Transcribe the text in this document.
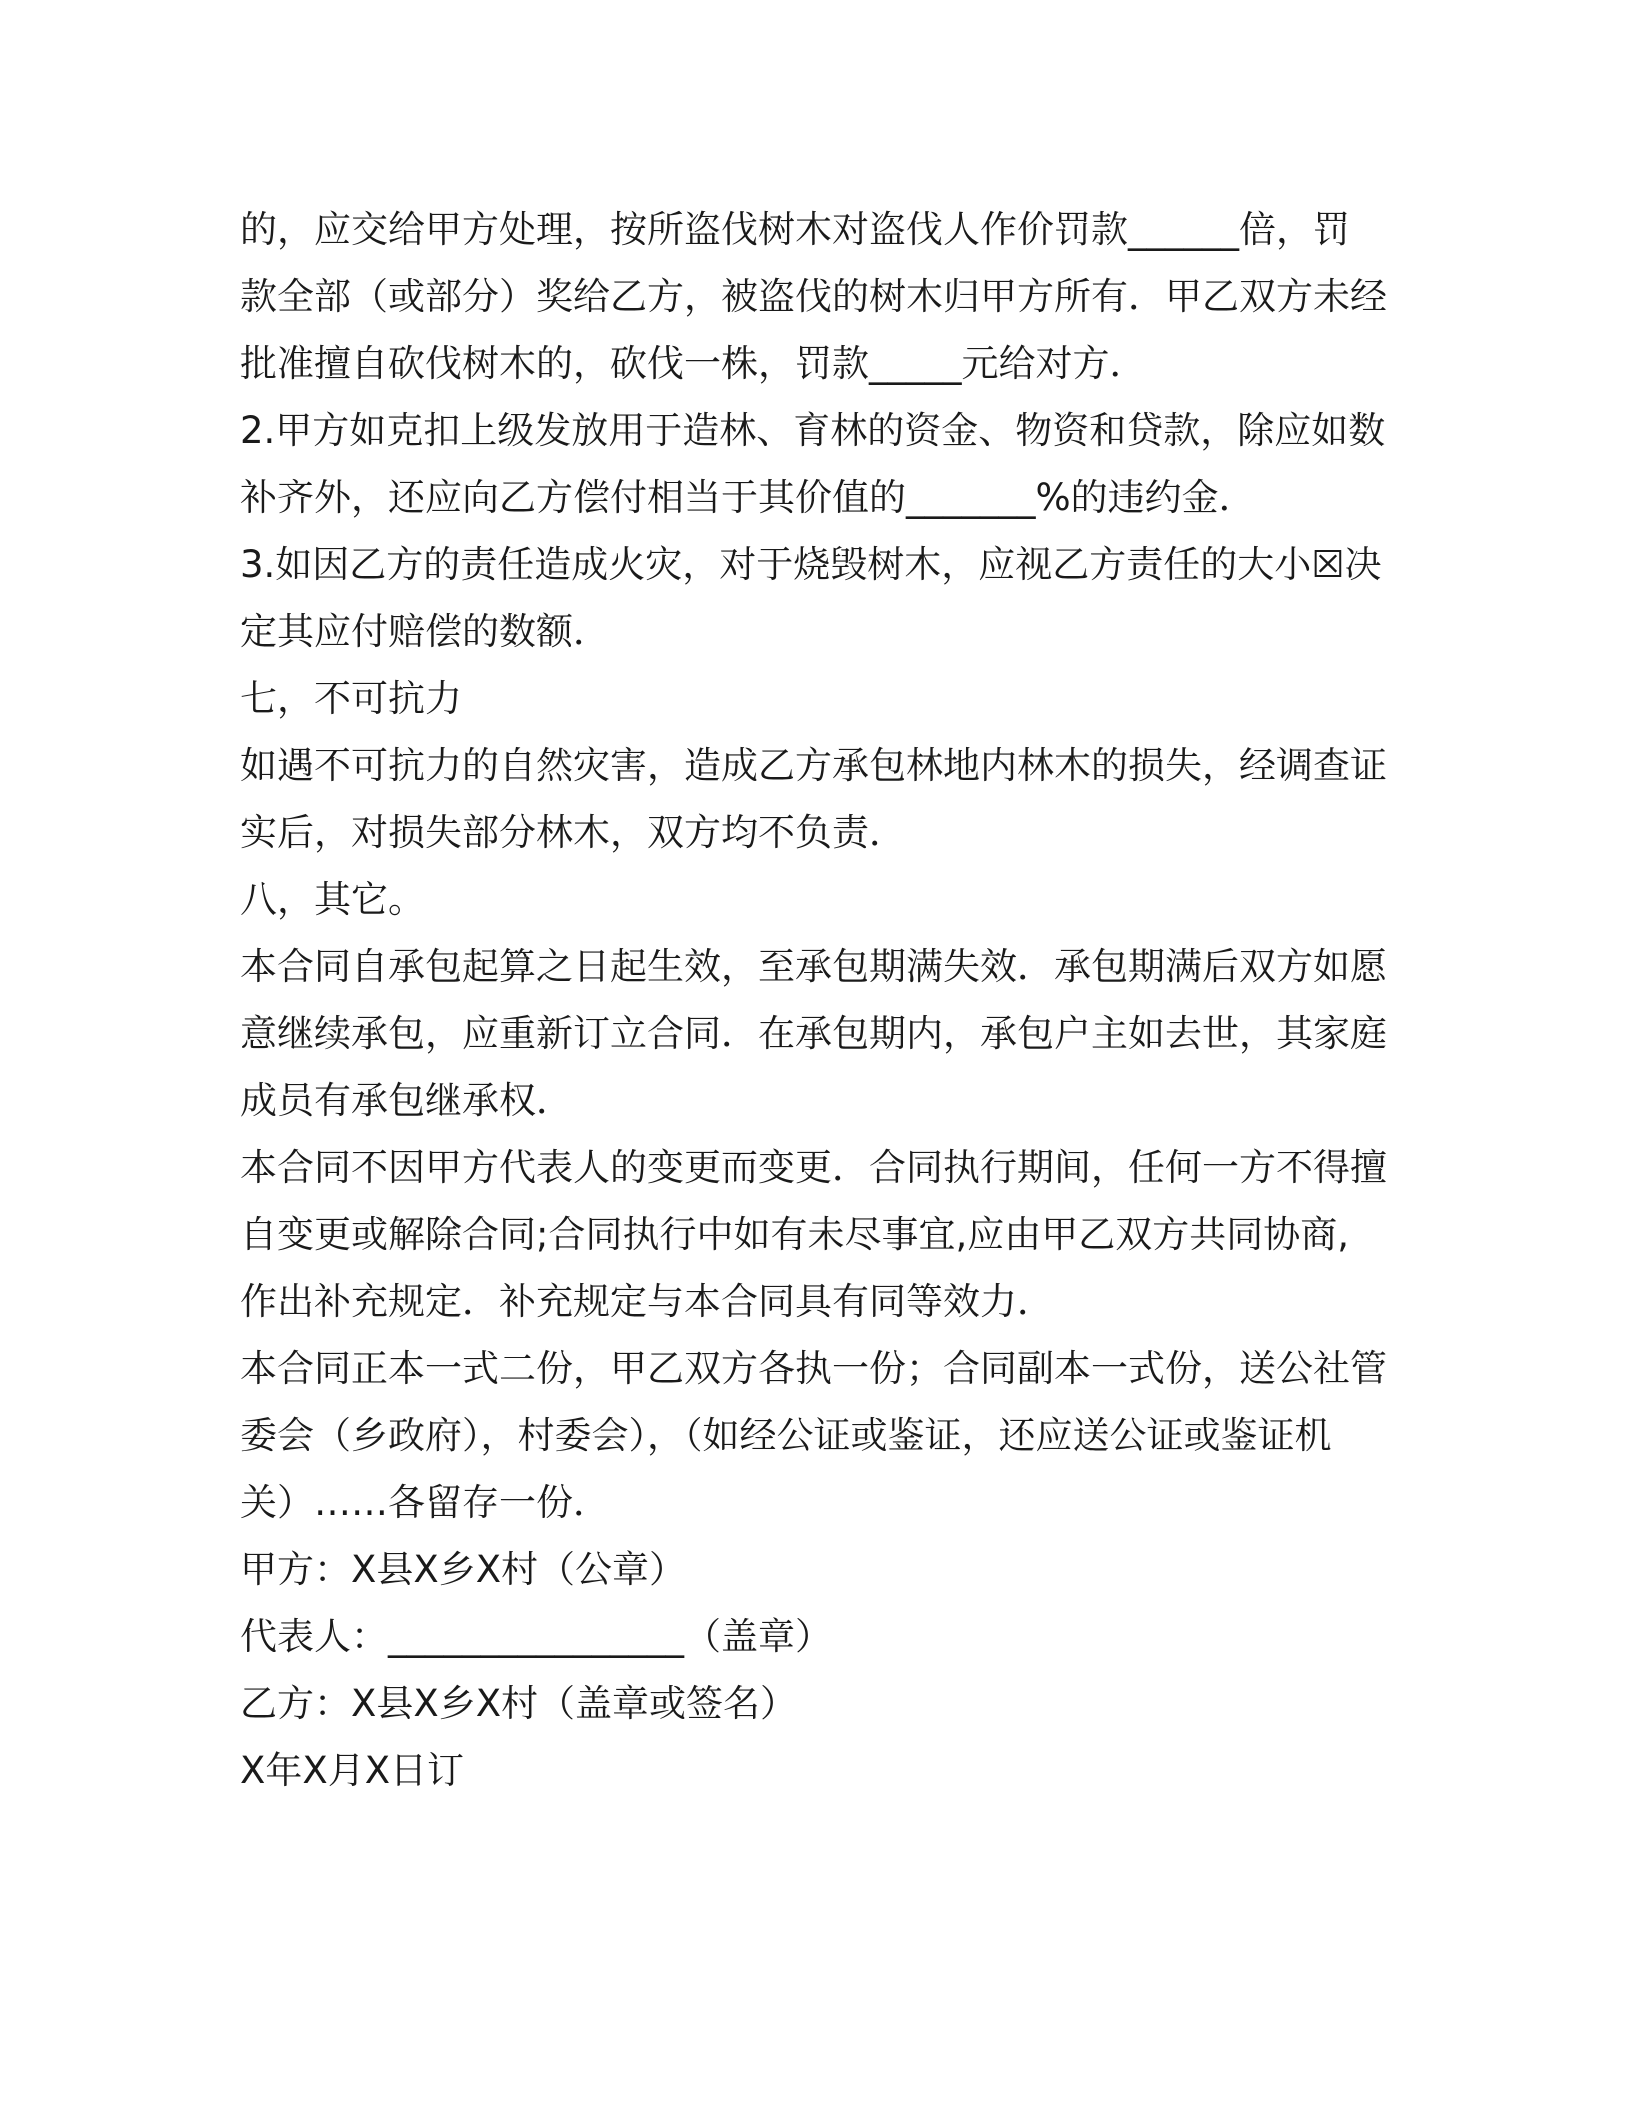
的，应交给甲方处理，按所盗伐树木对盗伐人作价罚款______倍，罚
款全部（或部分）奖给乙方，被盗伐的树木归甲方所有．甲乙双方未经
批准擅自砍伐树木的，砍伐一株，罚款_____元给对方．
2.甲方如克扣上级发放用于造林、育林的资金、物资和贷款，除应如数
补齐外，还应向乙方偿付相当于其价值的_______%的违约金．
3.如因乙方的责任造成火灾，对于烧毁树木，应视乙方责任的大小☒决
定其应付赔偿的数额．
七，不可抗力
如遇不可抗力的自然灾害，造成乙方承包林地内林木的损失，经调查证
实后，对损失部分林木，双方均不负责．
八，其它。
本合同自承包起算之日起生效，至承包期满失效．承包期满后双方如愿
意继续承包，应重新订立合同．在承包期内，承包户主如去世，其家庭
成员有承包继承权．
本合同不因甲方代表人的变更而变更．合同执行期间，任何一方不得擅
自变更或解除合同;合同执行中如有未尽事宜,应由甲乙双方共同协商,
作出补充规定．补充规定与本合同具有同等效力．
本合同正本一式二份，甲乙双方各执一份；合同副本一式份，送公社管
委会（乡政府），村委会），（如经公证或鉴证，还应送公证或鉴证机
关）……各留存一份．
甲方：X县X乡X村（公章）
代表人：________________（盖章）
乙方：X县X乡X村（盖章或签名）
X年X月X日订
